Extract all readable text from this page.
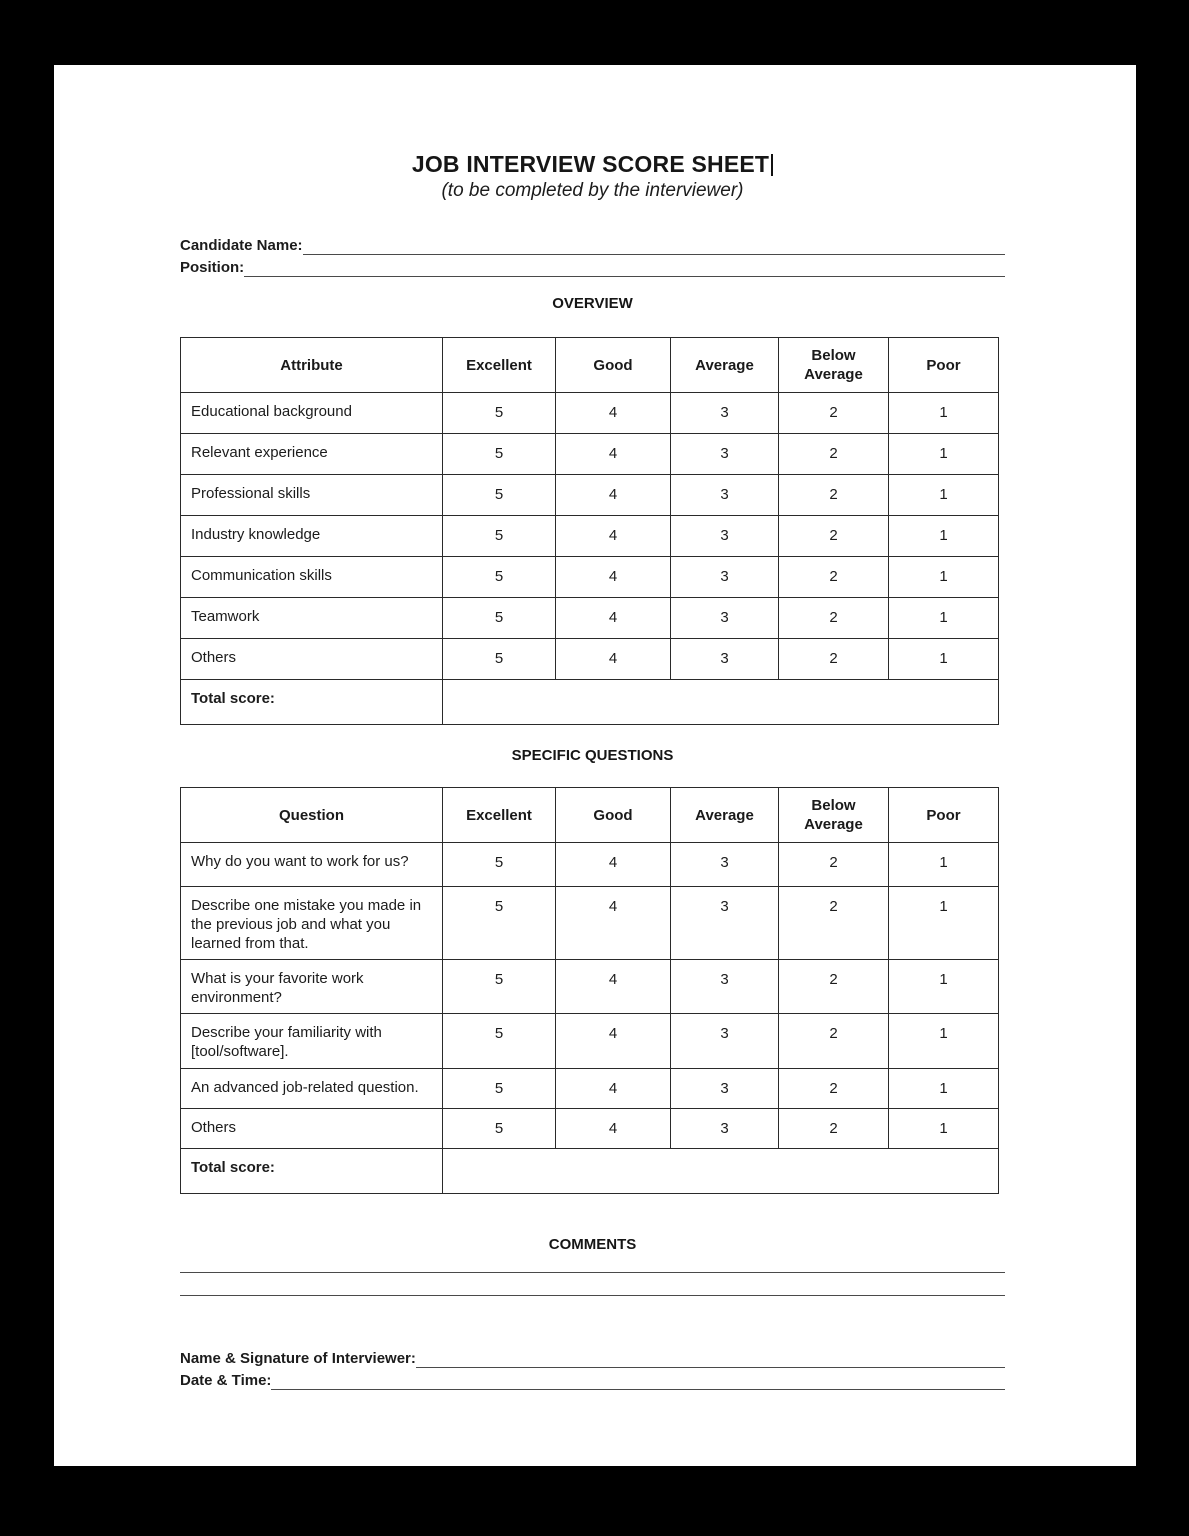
JOB INTERVIEW SCORE SHEET
(to be completed by the interviewer)
Candidate Name:
Position:
OVERVIEW
Attribute	Excellent	Good	Average	Below Average	Poor
Educational background	5	4	3	2	1
Relevant experience	5	4	3	2	1
Professional skills	5	4	3	2	1
Industry knowledge	5	4	3	2	1
Communication skills	5	4	3	2	1
Teamwork	5	4	3	2	1
Others	5	4	3	2	1
Total score:					
SPECIFIC QUESTIONS
Question	Excellent	Good	Average	Below Average	Poor
Why do you want to work for us?	5	4	3	2	1
Describe one mistake you made in the previous job and what you learned from that.	5	4	3	2	1
What is your favorite work environment?	5	4	3	2	1
Describe your familiarity with [tool/software].	5	4	3	2	1
An advanced job-related question.	5	4	3	2	1
Others	5	4	3	2	1
Total score:					
COMMENTS
Name & Signature of Interviewer:
Date & Time:
